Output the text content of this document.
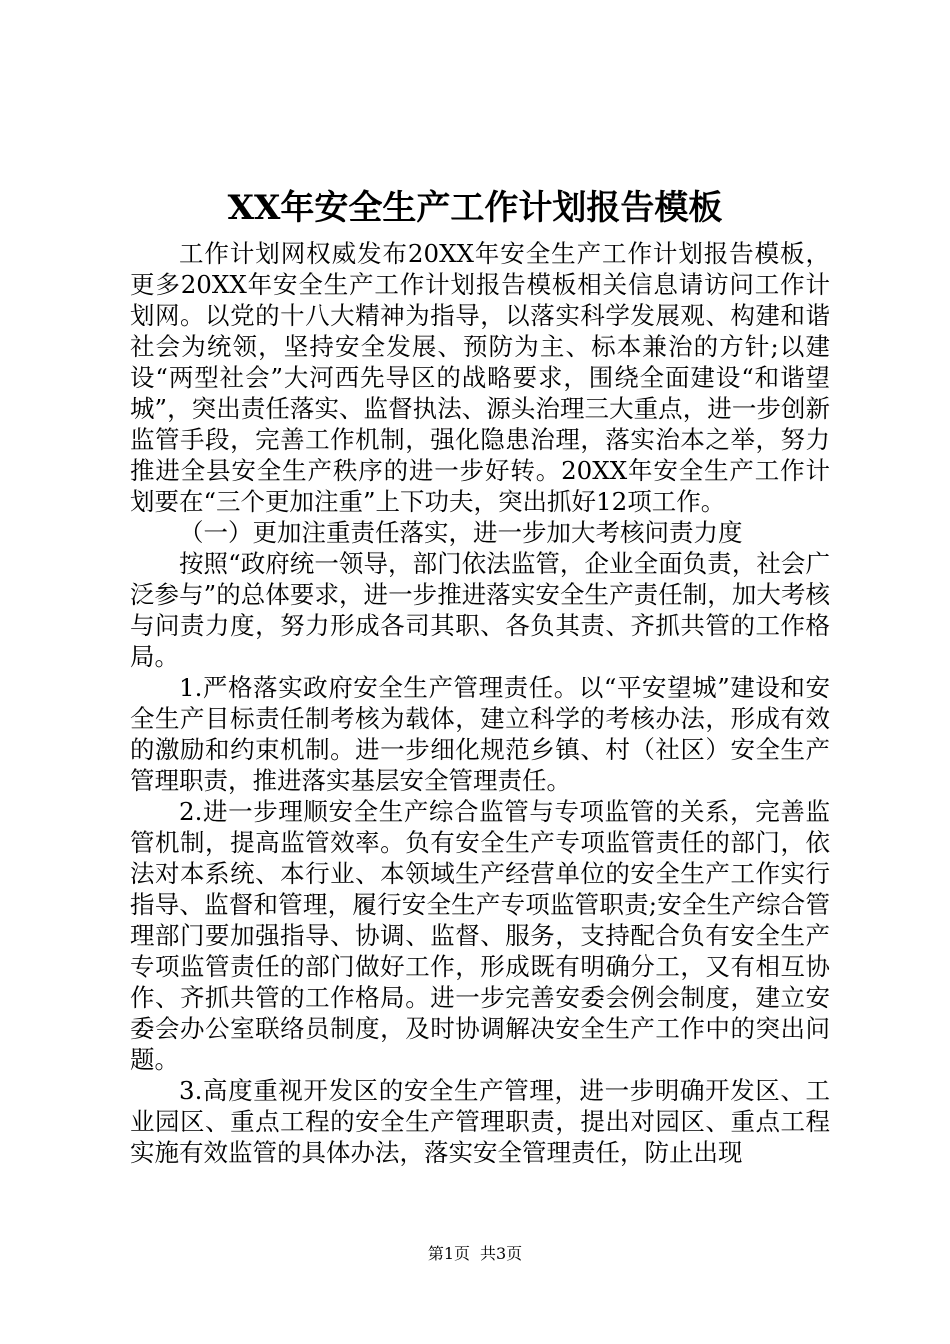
XX年安全生产工作计划报告模板

工作计划网权威发布20XX年安全生产工作计划报告模板，更多20XX年安全生产工作计划报告模板相关信息请访问工作计划网。以党的十八大精神为指导，以落实科学发展观、构建和谐社会为统领，坚持安全发展、预防为主、标本兼治的方针;以建设“两型社会”大河西先导区的战略要求，围绕全面建设“和谐望城”，突出责任落实、监督执法、源头治理三大重点，进一步创新监管手段，完善工作机制，强化隐患治理，落实治本之举，努力推进全县安全生产秩序的进一步好转。20XX年安全生产工作计划要在“三个更加注重”上下功夫，突出抓好12项工作。

（一）更加注重责任落实，进一步加大考核问责力度

按照“政府统一领导，部门依法监管，企业全面负责，社会广泛参与”的总体要求，进一步推进落实安全生产责任制，加大考核与问责力度，努力形成各司其职、各负其责、齐抓共管的工作格局。

1.严格落实政府安全生产管理责任。以“平安望城”建设和安全生产目标责任制考核为载体，建立科学的考核办法，形成有效的激励和约束机制。进一步细化规范乡镇、村（社区）安全生产管理职责，推进落实基层安全管理责任。

2.进一步理顺安全生产综合监管与专项监管的关系，完善监管机制，提高监管效率。负有安全生产专项监管责任的部门，依法对本系统、本行业、本领域生产经营单位的安全生产工作实行指导、监督和管理，履行安全生产专项监管职责;安全生产综合管理部门要加强指导、协调、监督、服务，支持配合负有安全生产专项监管责任的部门做好工作，形成既有明确分工，又有相互协作、齐抓共管的工作格局。进一步完善安委会例会制度，建立安委会办公室联络员制度，及时协调解决安全生产工作中的突出问题。

3.高度重视开发区的安全生产管理，进一步明确开发区、工业园区、重点工程的安全生产管理职责，提出对园区、重点工程实施有效监管的具体办法，落实安全管理责任，防止出现

第1页 共3页
